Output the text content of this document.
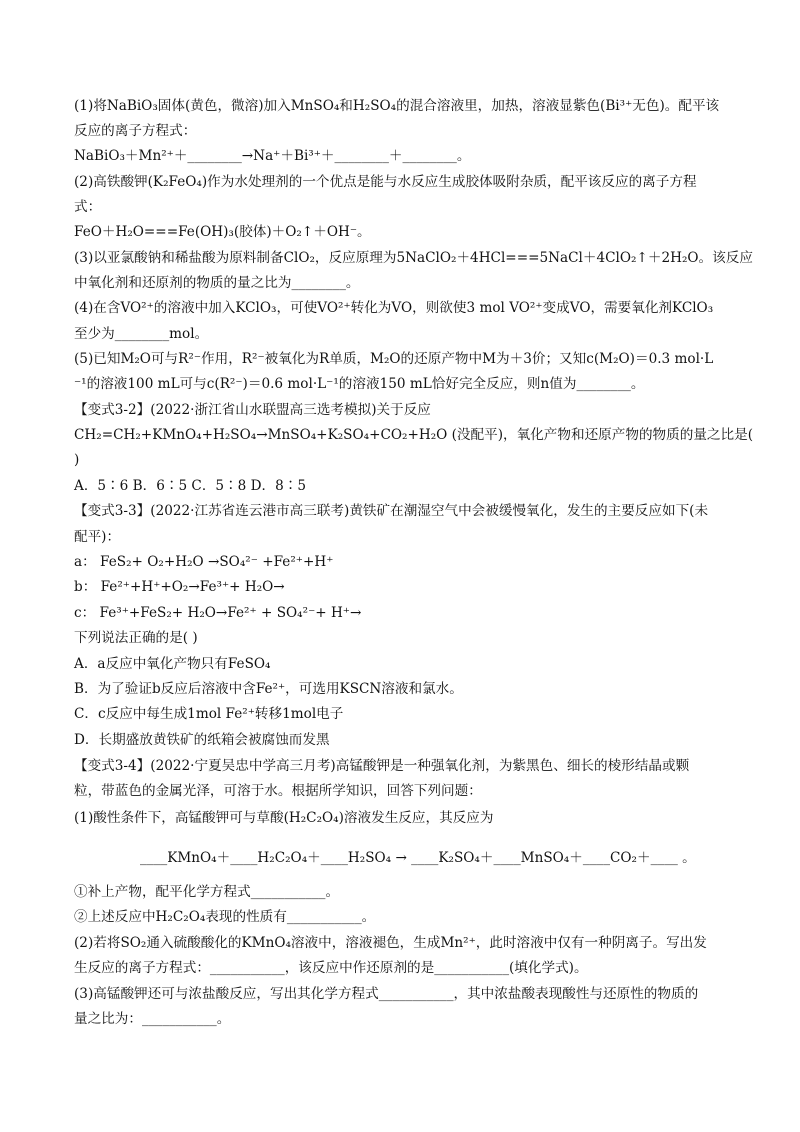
(1)将NaBiO₃固体(黄色，微溶)加入MnSO₄和H₂SO₄的混合溶液里，加热，溶液显紫色(Bi³⁺无色)。配平该
反应的离子方程式：
NaBiO₃＋Mn²⁺＋________→Na⁺＋Bi³⁺＋________＋________。
(2)高铁酸钾(K₂FeO₄)作为水处理剂的一个优点是能与水反应生成胶体吸附杂质，配平该反应的离子方程
式：
FeO＋H₂O===Fe(OH)₃(胶体)＋O₂↑＋OH⁻。
(3)以亚氯酸钠和稀盐酸为原料制备ClO₂，反应原理为5NaClO₂＋4HCl===5NaCl＋4ClO₂↑＋2H₂O。该反应
中氧化剂和还原剂的物质的量之比为________。
(4)在含VO²⁺的溶液中加入KClO₃，可使VO²⁺转化为VO，则欲使3 mol VO²⁺变成VO，需要氧化剂KClO₃
至少为________mol。
(5)已知M₂O可与R²⁻作用，R²⁻被氧化为R单质，M₂O的还原产物中M为＋3价；又知c(M₂O)＝0.3 mol·L
⁻¹的溶液100 mL可与c(R²⁻)＝0.6 mol·L⁻¹的溶液150 mL恰好完全反应，则n值为________。
【变式3-2】(2022·浙江省山水联盟高三选考模拟)关于反应
CH₂=CH₂+KMnO₄+H₂SO₄→MnSO₄+K₂SO₄+CO₂+H₂O (没配平)，氧化产物和还原产物的物质的量之比是(
)
A．5∶6 B．6∶5 C．5∶8 D．8∶5
【变式3-3】(2022·江苏省连云港市高三联考)黄铁矿在潮湿空气中会被缓慢氧化，发生的主要反应如下(未
配平)：
a： FeS₂+ O₂+H₂O →SO₄²⁻ +Fe²⁺+H⁺
b： Fe²⁺+H⁺+O₂→Fe³⁺+ H₂O→
c： Fe³⁺+FeS₂+ H₂O→Fe²⁺ + SO₄²⁻+ H⁺→
下列说法正确的是( )
A．a反应中氧化产物只有FeSO₄
B．为了验证b反应后溶液中含Fe²⁺，可选用KSCN溶液和氯水。
C．c反应中每生成1mol Fe²⁺转移1mol电子
D．长期盛放黄铁矿的纸箱会被腐蚀而发黑
【变式3-4】(2022·宁夏吴忠中学高三月考)高锰酸钾是一种强氧化剂，为紫黑色、细长的棱形结晶或颗
粒，带蓝色的金属光泽，可溶于水。根据所学知识，回答下列问题：
(1)酸性条件下，高锰酸钾可与草酸(H₂C₂O₄)溶液发生反应，其反应为
____KMnO₄＋____H₂C₂O₄＋____H₂SO₄ → ____K₂SO₄＋____MnSO₄＋____CO₂＋____ 。
①补上产物，配平化学方程式___________。
②上述反应中H₂C₂O₄表现的性质有___________。
(2)若将SO₂通入硫酸酸化的KMnO₄溶液中，溶液褪色，生成Mn²⁺，此时溶液中仅有一种阴离子。写出发
生反应的离子方程式：___________，该反应中作还原剂的是___________(填化学式)。
(3)高锰酸钾还可与浓盐酸反应，写出其化学方程式___________，其中浓盐酸表现酸性与还原性的物质的
量之比为：___________。
